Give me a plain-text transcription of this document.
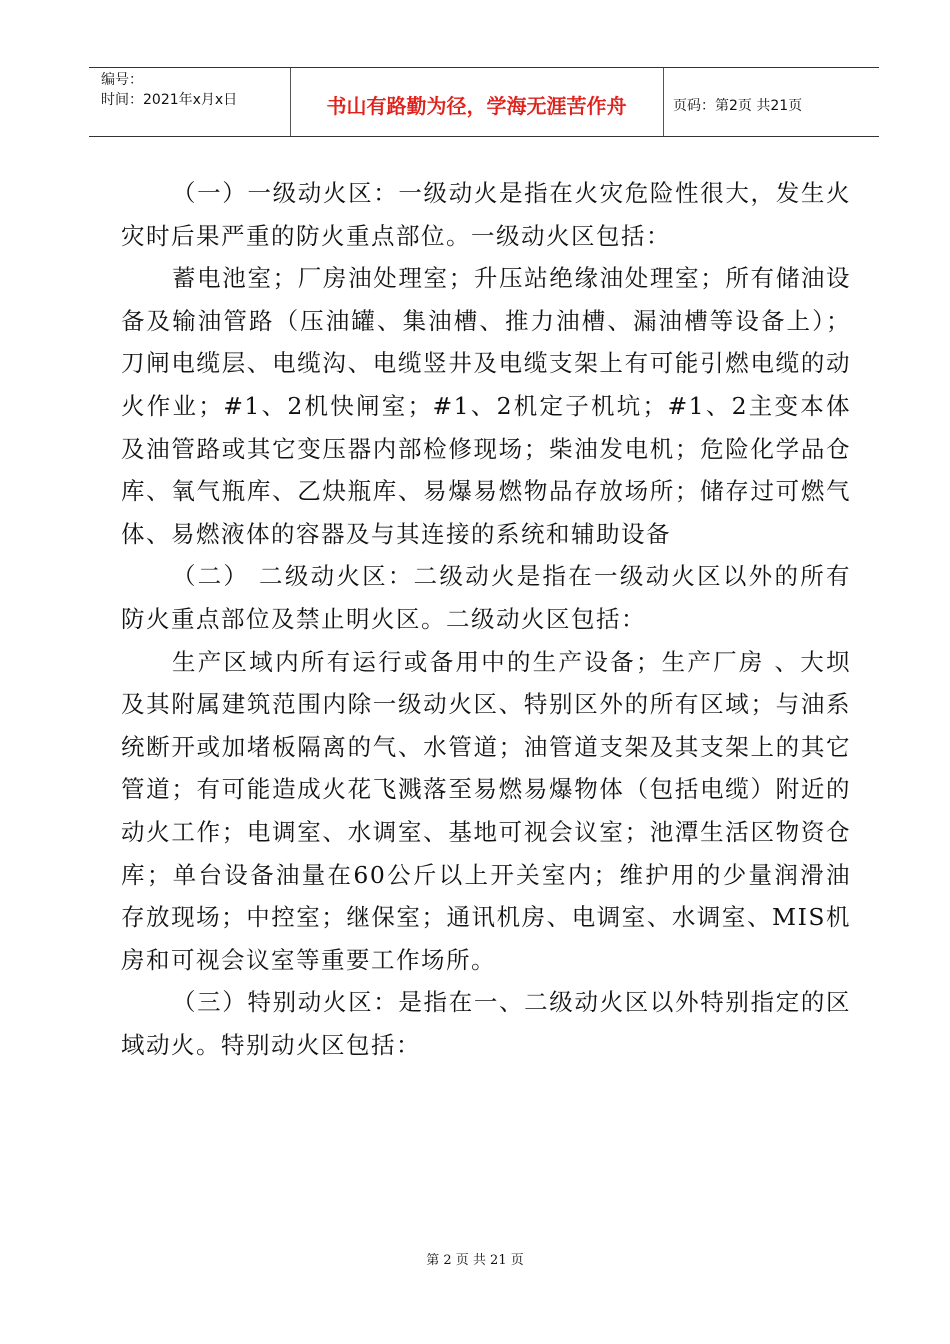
编号：
时间：2021年x月x日	书山有路勤为径，学海无涯苦作舟	页码：第2页 共21页

（一）一级动火区：一级动火是指在火灾危险性很大，发生火灾时后果严重的防火重点部位。一级动火区包括：

蓄电池室；厂房油处理室；升压站绝缘油处理室；所有储油设备及输油管路（压油罐、集油槽、推力油槽、漏油槽等设备上）；刀闸电缆层、电缆沟、电缆竖井及电缆支架上有可能引燃电缆的动火作业；#1、2机快闸室；#1、2机定子机坑；#1、2主变本体及油管路或其它变压器内部检修现场；柴油发电机；危险化学品仓库、氧气瓶库、乙炔瓶库、易爆易燃物品存放场所；储存过可燃气体、易燃液体的容器及与其连接的系统和辅助设备

（二） 二级动火区：二级动火是指在一级动火区以外的所有防火重点部位及禁止明火区。二级动火区包括：

生产区域内所有运行或备用中的生产设备；生产厂房 、大坝及其附属建筑范围内除一级动火区、特别区外的所有区域；与油系统断开或加堵板隔离的气、水管道；油管道支架及其支架上的其它管道；有可能造成火花飞溅落至易燃易爆物体（包括电缆）附近的动火工作；电调室、水调室、基地可视会议室；池潭生活区物资仓库；单台设备油量在60公斤以上开关室内；维护用的少量润滑油存放现场；中控室；继保室；通讯机房、电调室、水调室、MIS机房和可视会议室等重要工作场所。

（三）特别动火区：是指在一、二级动火区以外特别指定的区域动火。特别动火区包括：

第 2 页 共 21 页
